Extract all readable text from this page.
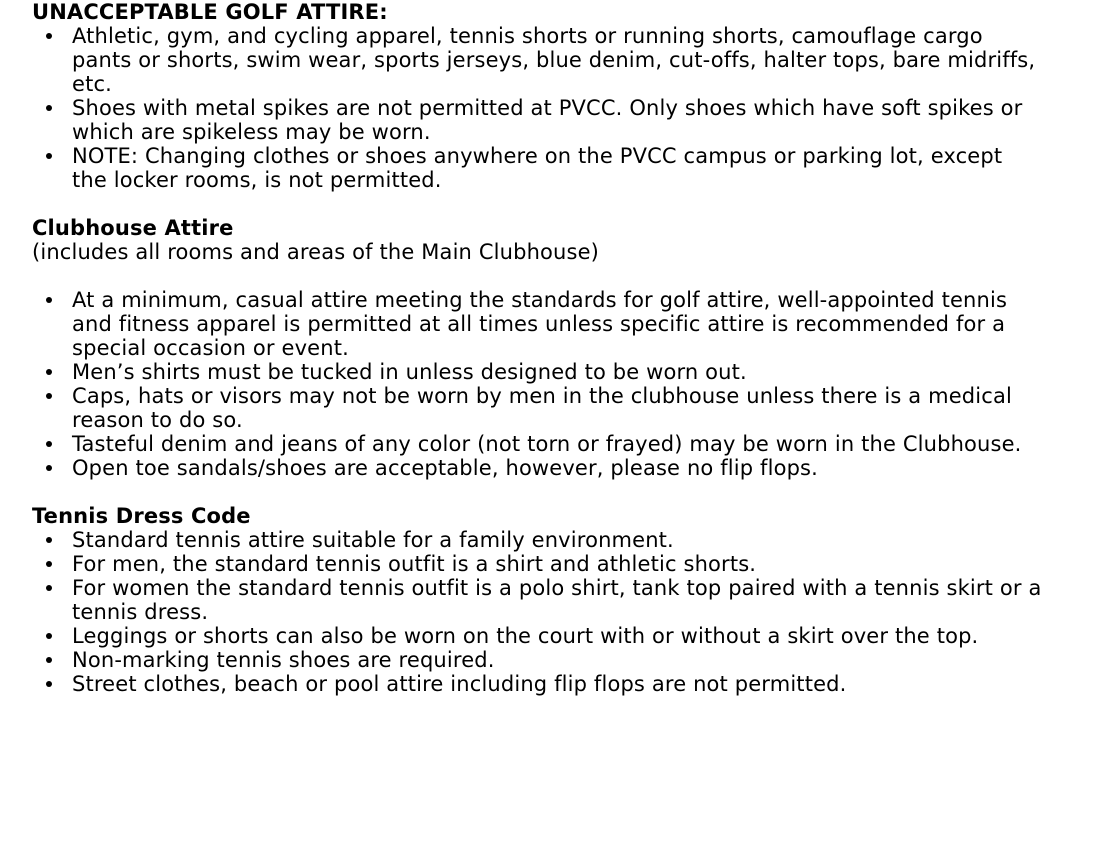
UNACCEPTABLE GOLF ATTIRE:
Athletic, gym, and cycling apparel, tennis shorts or running shorts, camouflage cargo pants or shorts, swim wear, sports jerseys, blue denim, cut-offs, halter tops, bare midriffs, etc.
Shoes with metal spikes are not permitted at PVCC. Only shoes which have soft spikes or which are spikeless may be worn.
NOTE: Changing clothes or shoes anywhere on the PVCC campus or parking lot, except the locker rooms, is not permitted.
Clubhouse Attire
(includes all rooms and areas of the Main Clubhouse)
At a minimum, casual attire meeting the standards for golf attire, well-appointed tennis and fitness apparel is permitted at all times unless specific attire is recommended for a special occasion or event.
Men’s shirts must be tucked in unless designed to be worn out.
Caps, hats or visors may not be worn by men in the clubhouse unless there is a medical reason to do so.
Tasteful denim and jeans of any color (not torn or frayed) may be worn in the Clubhouse.
Open toe sandals/shoes are acceptable, however, please no flip flops.
Tennis Dress Code
Standard tennis attire suitable for a family environment.
For men, the standard tennis outfit is a shirt and athletic shorts.
For women the standard tennis outfit is a polo shirt, tank top paired with a tennis skirt or a tennis dress.
Leggings or shorts can also be worn on the court with or without a skirt over the top.
Non-marking tennis shoes are required.
Street clothes, beach or pool attire including flip flops are not permitted.
